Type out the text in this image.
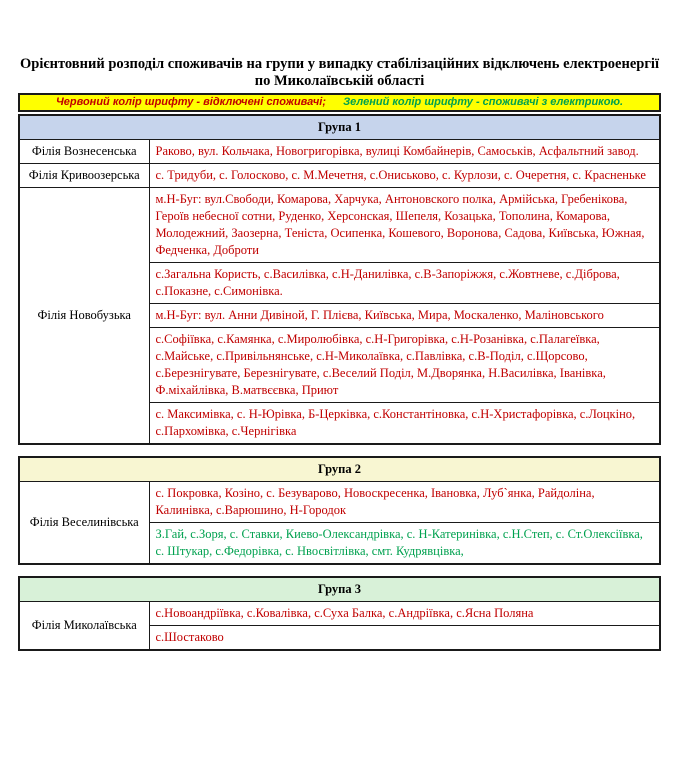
Орієнтовний розподіл споживачів на групи у випадку стабілізаційних відключень електроенергії по Миколаївській області
Червоний колір шрифту - відключені споживачі; Зелений колір шрифту - споживачі з електрикою.
Група 1	
Філія Вознесенська	Раково, вул. Кольчака, Новогригорівка, вулиці Комбайнерів, Самоськів, Асфальтний завод.
Філія Кривоозерська	с. Тридуби, с. Голосково, с. М.Мечетня, с.Ониськово, с. Курлози, с. Очеретня, с. Красненьке
Філія Новобузька	м.Н-Буг: вул.Свободи, Комарова, Харчука, Антоновского полка, Армійська, Гребенікова, Героїв небесної сотни, Руденко, Херсонская, Шепеля, Козацька, Тополина, Комарова, Молодежний, Заозерна, Теніста, Осипенка, Кошевого, Воронова, Садова, Київська, Южная, Федченка, Доброти
	с.Загальна Користь, с.Василівка, с.Н-Данилівка, с.В-Запоріжжя, с.Жовтневе, с.Діброва, с.Показне, с.Симонівка.
	м.Н-Буг: вул. Анни Дивіной, Г. Плієва, Київська, Мира, Москаленко, Маліновського
	с.Софіївка, с.Камянка, с.Миролюбівка, с.Н-Григорівка, с.Н-Розанівка, с.Палагеївка, с.Майське, с.Привільнянське, с.Н-Миколаївка, с.Павлівка, с.В-Поділ, с.Щорсово, с.Березнігувате, Березнігувате, с.Веселий Поділ, М.Дворянка, Н.Василівка, Іванівка, Ф.міхайлівка, В.матвєєвка, Приют
	с. Максимівка, с. Н-Юрівка, Б-Церківка, с.Константіновка, с.Н-Христафорівка, с.Лоцкіно, с.Пархомівка, с.Чернігівка
Група 2
Філія Веселинівська	с. Покровка, Козіно, с. Безуварово, Новоскресенка, Івановка, Луб`янка, Райдоліна, Калинівка, с.Варюшино, Н-Городок
З.Гай, с.Зоря, с. Ставки, Киево-Олександрівка, с. Н-Катеринівка, с.Н.Степ, с. Ст.Олексіївка, с. Штукар, с.Федорівка, с. Нвосвітлівка, смт. Кудрявцівка,
Група 3
Філія Миколаївська	с.Новоандріївка, с.Ковалівка, с.Суха Балка, с.Андріївка, с.Ясна Поляна
с.Шостаково
